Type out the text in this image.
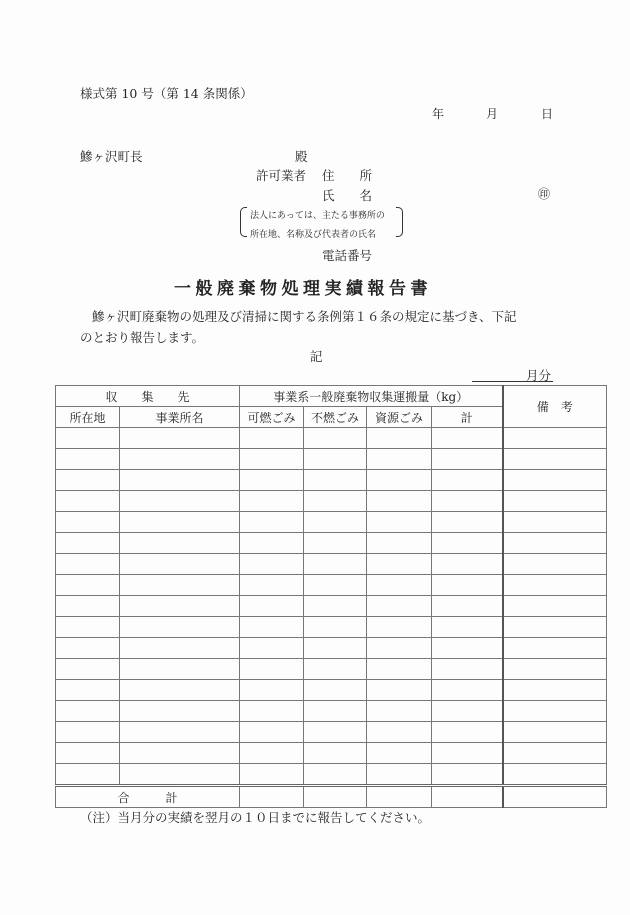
様式第 10 号（第 14 条関係）
年	月	日
鰺ヶ沢町長	殿
許可業者 住　　所
氏　　名	㊞
法人にあっては、主たる事務所の
所在地、名称及び代表者の氏名
電話番号
一般廃棄物処理実績報告書
鰺ヶ沢町廃棄物の処理及び清掃に関する条例第１６条の規定に基づき、下記
のとおり報告します。
記
月分
収　　集　　先		事業系一般廃棄物収集運搬量（kg）				備　考
所在地	事業所名	可燃ごみ	不燃ごみ	資源ごみ	計	

合　　　計						
（注）当月分の実績を翌月の１０日までに報告してください。
